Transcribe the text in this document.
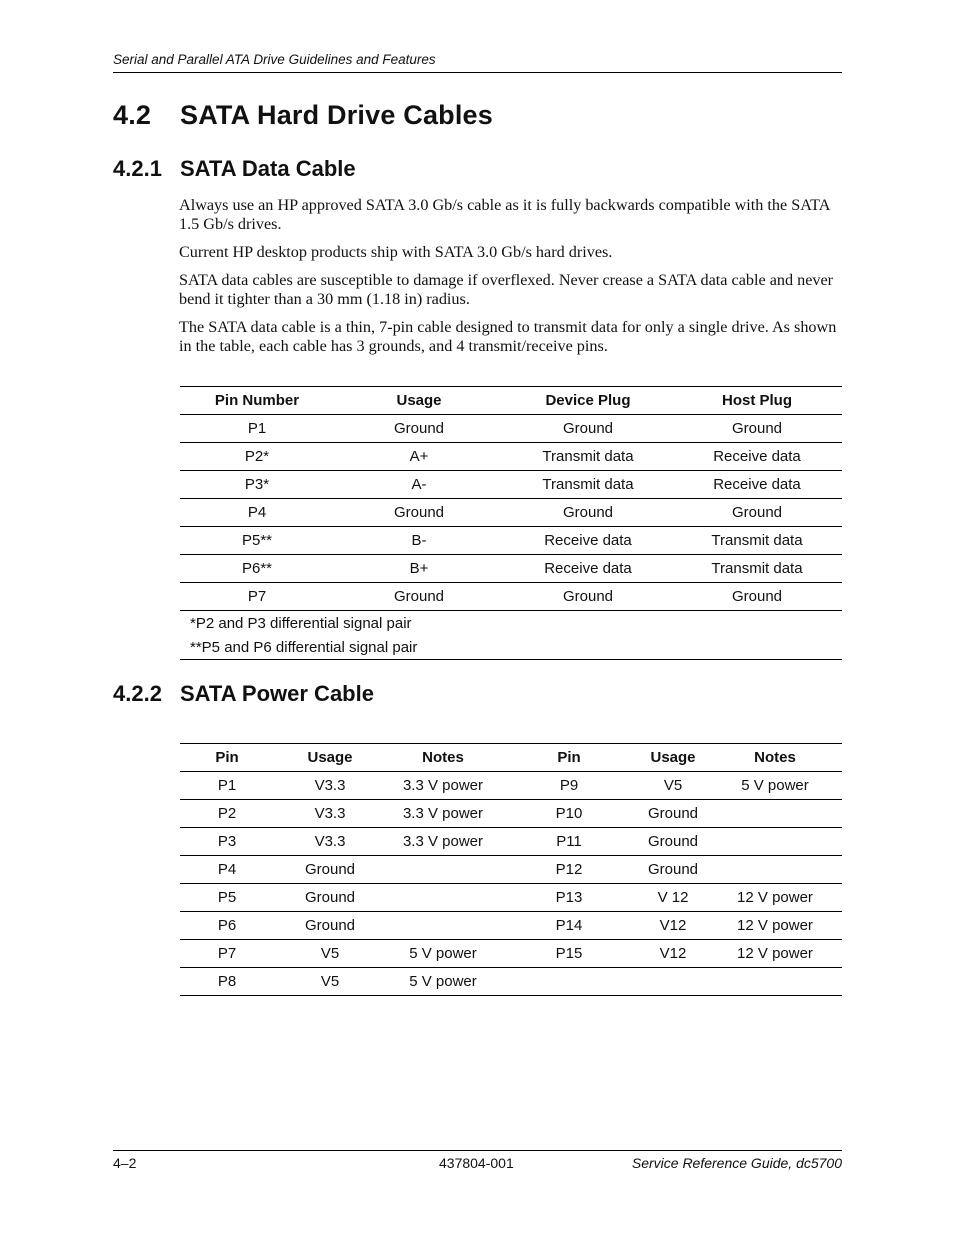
Serial and Parallel ATA Drive Guidelines and Features
4.2 SATA Hard Drive Cables
4.2.1 SATA Data Cable

Always use an HP approved SATA 3.0 Gb/s cable as it is fully backwards compatible with the SATA 1.5 Gb/s drives.

Current HP desktop products ship with SATA 3.0 Gb/s hard drives.

SATA data cables are susceptible to damage if overflexed. Never crease a SATA data cable and never bend it tighter than a 30 mm (1.18 in) radius.

The SATA data cable is a thin, 7-pin cable designed to transmit data for only a single drive. As shown in the table, each cable has 3 grounds, and 4 transmit/receive pins.

Pin Number	Usage	Device Plug	Host Plug
P1	Ground	Ground	Ground
P2*	A+	Transmit data	Receive data
P3*	A-	Transmit data	Receive data
P4	Ground	Ground	Ground
P5**	B-	Receive data	Transmit data
P6**	B+	Receive data	Transmit data
P7	Ground	Ground	Ground
*P2 and P3 differential signal pair			
**P5 and P6 differential signal pair			
4.2.2 SATA Power Cable
Pin	Usage	Notes	Pin	Usage	Notes
P1	V3.3	3.3 V power	P9	V5	5 V power
P2	V3.3	3.3 V power	P10	Ground	
P3	V3.3	3.3 V power	P11	Ground	
P4	Ground		P12	Ground	
P5	Ground		P13	V 12	12 V power
P6	Ground		P14	V12	12 V power
P7	V5	5 V power	P15	V12	12 V power
P8	V5	5 V power			
4–2	437804-001	Service Reference Guide, dc5700
